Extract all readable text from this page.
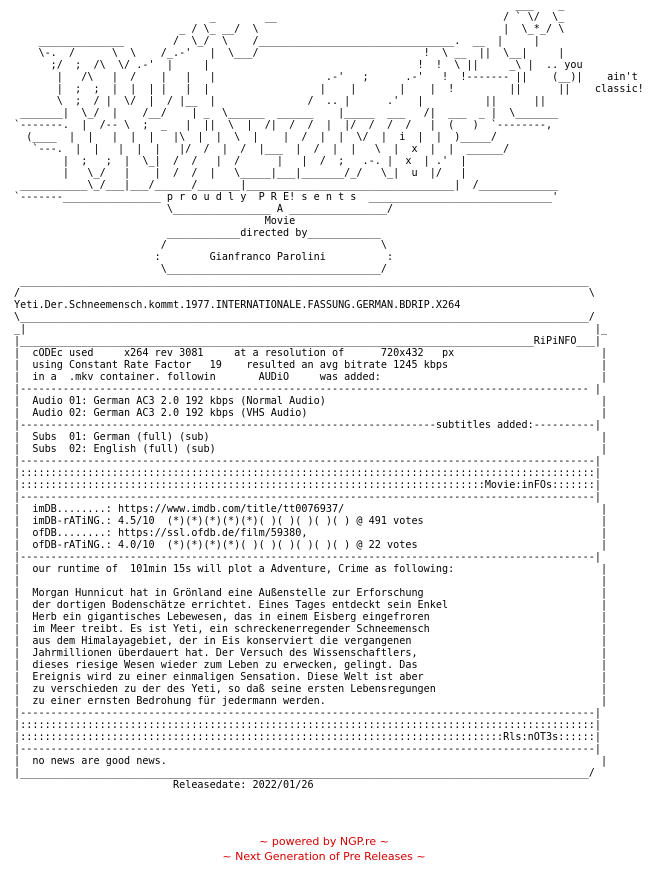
___    _
_        __                                     / ` \/  \_
_ / \_ __/  \                                        |  \_*_/ \
______________        /  \_/  \    /________________________________.  __  |     |
\-.  /      \  \    /_.-'   |  \___/                           !  \ __  ||  \__|     |
;/  ;  /\  \/ .-'  |     |                                  !  !  \ ||     _\ |  .. you
|   /\   |  /    |   |   |                  .-'   ;      .-'   !  !------- ||    (__)|    ain't
|  ;  ;  |  |  | |   |  |                  |    |       |    |  !         ||      ||    classic!
\  ;  / |  \/  |  / |__  |               /  .. |      .'   |          ||      ||
_______|  \_/  |    /__/    | _  \______  ______    |_____  ___   /|  ___  _ |  \_______
`-------.  |  /-- \  ;  _   |  ||  \  |  /|  /  /  |  |/  /  /  /   |  (   )  `--------,
(____  |  |   |  |  |   |\  |  |  \  |    |  /  |  |  \/  |  i  |  |  )_____/
`---.  |  |   |  |  |   |/  /  |  /  |___  |  /  |  |   \  |  x  |  |  ______/
|  ;   ;  |  \_|  /  /   |  /      |   |  /  ;   .-. |  x  | .'  |
|   \_/   |    |  /  /  |   \_____|___|_______/_/   \_|  u  |/   |
___________\_/___|___/______/_______|__________________________________|  /_____________
`-------________________ p r o u d l y  P R E! s e n t s  ______________________________'
\________________ A ________________/
Movie
____________directed by____________
/                                   \
:        Gianfranco Parolini          :
\___________________________________/
_____________________________________________________________________________________________
/                                                                                             \
Yeti.Der.Schneemensch.kommt.1977.INTERNATIONALE.FASSUNG.GERMAN.BDRIP.X264
\_____________________________________________________________________________________________/
_|                                                                                             |_
|____________________________________________________________________________________RiPiNFO___|
|  cODEc used     x264 rev 3081     at a resolution of      720x432   px                        |
|  using Constant Rate Factor   19    resulted an avg bitrate 1245 kbps                         |
|  in a  .mkv container. followin       AUDiO     was added:                                    |
|--------------------------------------------------------------------------------------------- |
|  Audio 01: German AC3 2.0 192 kbps (Normal Audio)                                             |
|  Audio 02: German AC3 2.0 192 kbps (VHS Audio)                                                |
|--------------------------------------------------------------------subtitles added:----------|
|  Subs  01: German (full) (sub)                                                                |
|  Subs  02: English (full) (sub)                                                               |
|----------------------------------------------------------------------------------------------|
|::::::::::::::::::::::::::::::::::::::::::::::::::::::::::::::::::::::::::::::::::::::::::::::|
|::::::::::::::::::::::::::::::::::::::::::::::::::::::::::::::::::::::::::::Movie:inFOs:::::::|
|----------------------------------------------------------------------------------------------|
|  imDB........: https://www.imdb.com/title/tt0076937/                                          |
|  imDB-rATiNG.: 4.5/10  (*)(*)(*)(*)(*)( )( )( )( )( ) @ 491 votes                             |
|  ofDB........: https://ssl.ofdb.de/film/59380,                                                |
|  ofDB-rATiNG.: 4.0/10  (*)(*)(*)(*)( )( )( )( )( )( ) @ 22 votes                              |
|----------------------------------------------------------------------------------------------|
|  our runtime of  101min 15s will plot a Adventure, Crime as following:                        |
|                                                                                               |
|  Morgan Hunnicut hat in Grönland eine Außenstelle zur Erforschung                             |
|  der dortigen Bodenschätze errichtet. Eines Tages entdeckt sein Enkel                         |
|  Herb ein gigantisches Lebewesen, das in einem Eisberg eingefroren                            |
|  im Meer treibt. Es ist Yeti, ein schreckenerregender Schneemensch                            |
|  aus dem Himalayagebiet, der in Eis konserviert die vergangenen                               |
|  Jahrmillionen überdauert hat. Der Versuch des Wissenschaftlers,                              |
|  dieses riesige Wesen wieder zum Leben zu erwecken, gelingt. Das                              |
|  Ereignis wird zu einer einmaligen Sensation. Diese Welt ist aber                             |
|  zu verschieden zu der des Yeti, so daß seine ersten Lebensregungen                           |
|  zu einer ernsten Bedrohung für jedermann werden.                                             |
|----------------------------------------------------------------------------------------------|
|::::::::::::::::::::::::::::::::::::::::::::::::::::::::::::::::::::::::::::::::::::::::::::::|
|:::::::::::::::::::::::::::::::::::::::::::::::::::::::::::::::::::::::::::::::Rls:nOT3s::::::|
|----------------------------------------------------------------------------------------------|
|  no news are good news.                                                                       |
|_____________________________________________________________________________________________/
Releasedate: 2022/01/26
~ powered by NGP.re ~
~ Next Generation of Pre Releases ~
